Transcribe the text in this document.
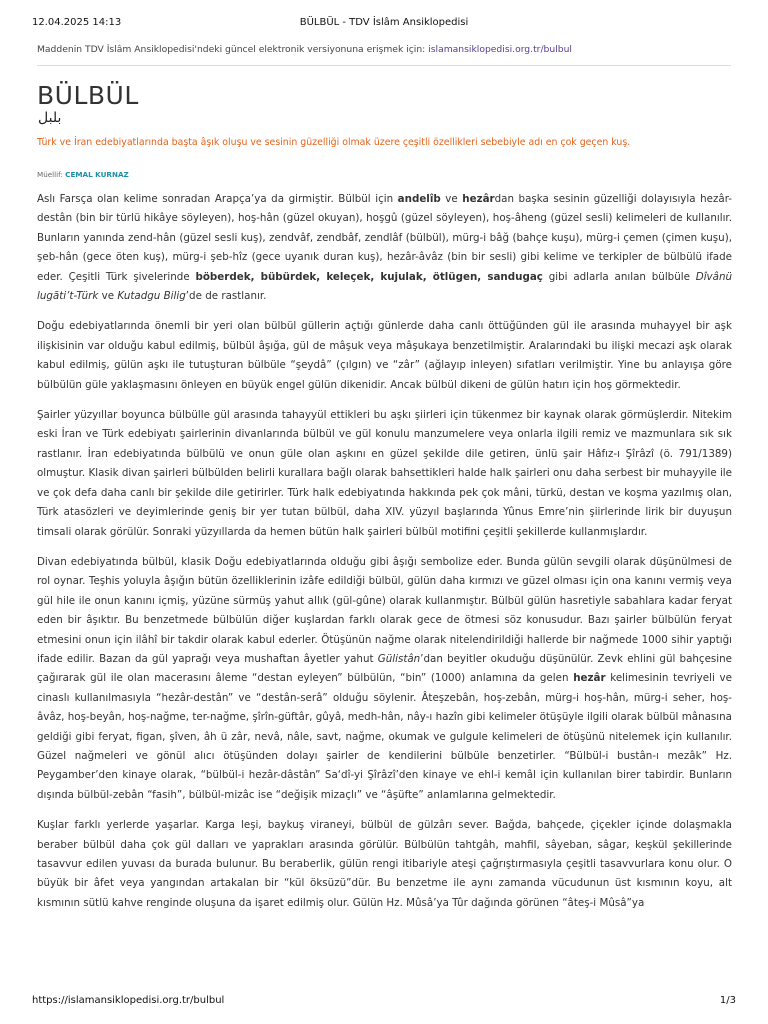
12.04.2025 14:13	BÜLBÜL - TDV İslâm Ansiklopedisi
Maddenin TDV İslâm Ansiklopedisi'ndeki güncel elektronik versiyonuna erişmek için: islamansiklopedisi.org.tr/bulbul
BÜLBÜL
بلبل
Türk ve İran edebiyatlarında başta âşık oluşu ve sesinin güzelliği olmak üzere çeşitli özellikleri sebebiyle adı en çok geçen kuş.
Müellif: CEMAL KURNAZ

Aslı Farsça olan kelime sonradan Arapça’ya da girmiştir. Bülbül için andelîb ve hezârdan başka sesinin güzelliği dolayısıyla hezâr-destân (bin bir türlü hikâye söyleyen), hoş-hân (güzel okuyan), hoşgû (güzel söyleyen), hoş-âheng (güzel sesli) kelimeleri de kullanılır. Bunların yanında zend-hân (güzel sesli kuş), zendvâf, zendbâf, zendlâf (bülbül), mürg-i bâğ (bahçe kuşu), mürg-i çemen (çimen kuşu), şeb-hân (gece öten kuş), mürg-i şeb-hîz (gece uyanık duran kuş), hezâr-âvâz (bin bir sesli) gibi kelime ve terkipler de bülbülü ifade eder. Çeşitli Türk şivelerinde böberdek, bübürdek, keleçek, kujulak, ötlügen, sandugaç gibi adlarla anılan bülbüle Dîvânü lugāti’t-Türk ve Kutadgu Bilig’de de rastlanır.

Doğu edebiyatlarında önemli bir yeri olan bülbül güllerin açtığı günlerde daha canlı öttüğünden gül ile arasında muhayyel bir aşk ilişkisinin var olduğu kabul edilmiş, bülbül âşığa, gül de mâşuk veya mâşukaya benzetilmiştir. Aralarındaki bu ilişki mecazi aşk olarak kabul edilmiş, gülün aşkı ile tutuşturan bülbüle “şeydâ” (çılgın) ve “zâr” (ağlayıp inleyen) sıfatları verilmiştir. Yine bu anlayışa göre bülbülün güle yaklaşmasını önleyen en büyük engel gülün dikenidir. Ancak bülbül dikeni de gülün hatırı için hoş görmektedir.

Şairler yüzyıllar boyunca bülbülle gül arasında tahayyül ettikleri bu aşkı şiirleri için tükenmez bir kaynak olarak görmüşlerdir. Nitekim eski İran ve Türk edebiyatı şairlerinin divanlarında bülbül ve gül konulu manzumelere veya onlarla ilgili remiz ve mazmunlara sık sık rastlanır. İran edebiyatında bülbülü ve onun güle olan aşkını en güzel şekilde dile getiren, ünlü şair Hâfız-ı Şîrâzî (ö. 791/1389) olmuştur. Klasik divan şairleri bülbülden belirli kurallara bağlı olarak bahsettikleri halde halk şairleri onu daha serbest bir muhayyile ile ve çok defa daha canlı bir şekilde dile getirirler. Türk halk edebiyatında hakkında pek çok mâni, türkü, destan ve koşma yazılmış olan, Türk atasözleri ve deyimlerinde geniş bir yer tutan bülbül, daha XIV. yüzyıl başlarında Yûnus Emre’nin şiirlerinde lirik bir duyuşun timsali olarak görülür. Sonraki yüzyıllarda da hemen bütün halk şairleri bülbül motifini çeşitli şekillerde kullanmışlardır.

Divan edebiyatında bülbül, klasik Doğu edebiyatlarında olduğu gibi âşığı sembolize eder. Bunda gülün sevgili olarak düşünülmesi de rol oynar. Teşhis yoluyla âşığın bütün özelliklerinin izâfe edildiği bülbül, gülün daha kırmızı ve güzel olması için ona kanını vermiş veya gül hile ile onun kanını içmiş, yüzüne sürmüş yahut allık (gül-gûne) olarak kullanmıştır. Bülbül gülün hasretiyle sabahlara kadar feryat eden bir âşıktır. Bu benzetmede bülbülün diğer kuşlardan farklı olarak gece de ötmesi söz konusudur. Bazı şairler bülbülün feryat etmesini onun için ilâhî bir takdir olarak kabul ederler. Ötüşünün nağme olarak nitelendirildiği hallerde bir nağmede 1000 sihir yaptığı ifade edilir. Bazan da gül yaprağı veya mushaftan âyetler yahut Gülistân’dan beyitler okuduğu düşünülür. Zevk ehlini gül bahçesine çağırarak gül ile olan macerasını âleme “destan eyleyen” bülbülün, “bin” (1000) anlamına da gelen hezâr kelimesinin tevriyeli ve cinaslı kullanılmasıyla “hezâr-destân” ve “destân-serâ” olduğu söylenir. Âteşzebân, hoş-zebân, mürg-i hoş-hân, mürg-i seher, hoş-âvâz, hoş-beyân, hoş-nağme, ter-nağme, şîrîn-güftâr, gûyâ, medh-hân, nây-ı hazîn gibi kelimeler ötüşüyle ilgili olarak bülbül mânasına geldiği gibi feryat, figan, şîven, âh ü zâr, nevâ, nâle, savt, nağme, okumak ve gulgule kelimeleri de ötüşünü nitelemek için kullanılır. Güzel nağmeleri ve gönül alıcı ötüşünden dolayı şairler de kendilerini bülbüle benzetirler. “Bülbül-i bustân-ı mezâk” Hz. Peygamber’den kinaye olarak, “bülbül-i hezâr-dâstân” Sa‘dî-yi Şîrâzî’den kinaye ve ehl-i kemâl için kullanılan birer tabirdir. Bunların dışında bülbül-zebân “fasih”, bülbül-mizâc ise “değişik mizaçlı” ve “âşüfte” anlamlarına gelmektedir.

Kuşlar farklı yerlerde yaşarlar. Karga leşi, baykuş viraneyi, bülbül de gülzârı sever. Bağda, bahçede, çiçekler içinde dolaşmakla beraber bülbül daha çok gül dalları ve yaprakları arasında görülür. Bülbülün tahtgâh, mahfil, sâyeban, sâgar, keşkül şekillerinde tasavvur edilen yuvası da burada bulunur. Bu beraberlik, gülün rengi itibariyle ateşi çağrıştırmasıyla çeşitli tasavvurlara konu olur. O büyük bir âfet veya yangından artakalan bir “kül öksüzü”dür. Bu benzetme ile aynı zamanda vücudunun üst kısmının koyu, alt kısmının sütlü kahve renginde oluşuna da işaret edilmiş olur. Gülün Hz. Mûsâ’ya Tûr dağında görünen “âteş-i Mûsâ”ya

https://islamansiklopedisi.org.tr/bulbul	1/3
